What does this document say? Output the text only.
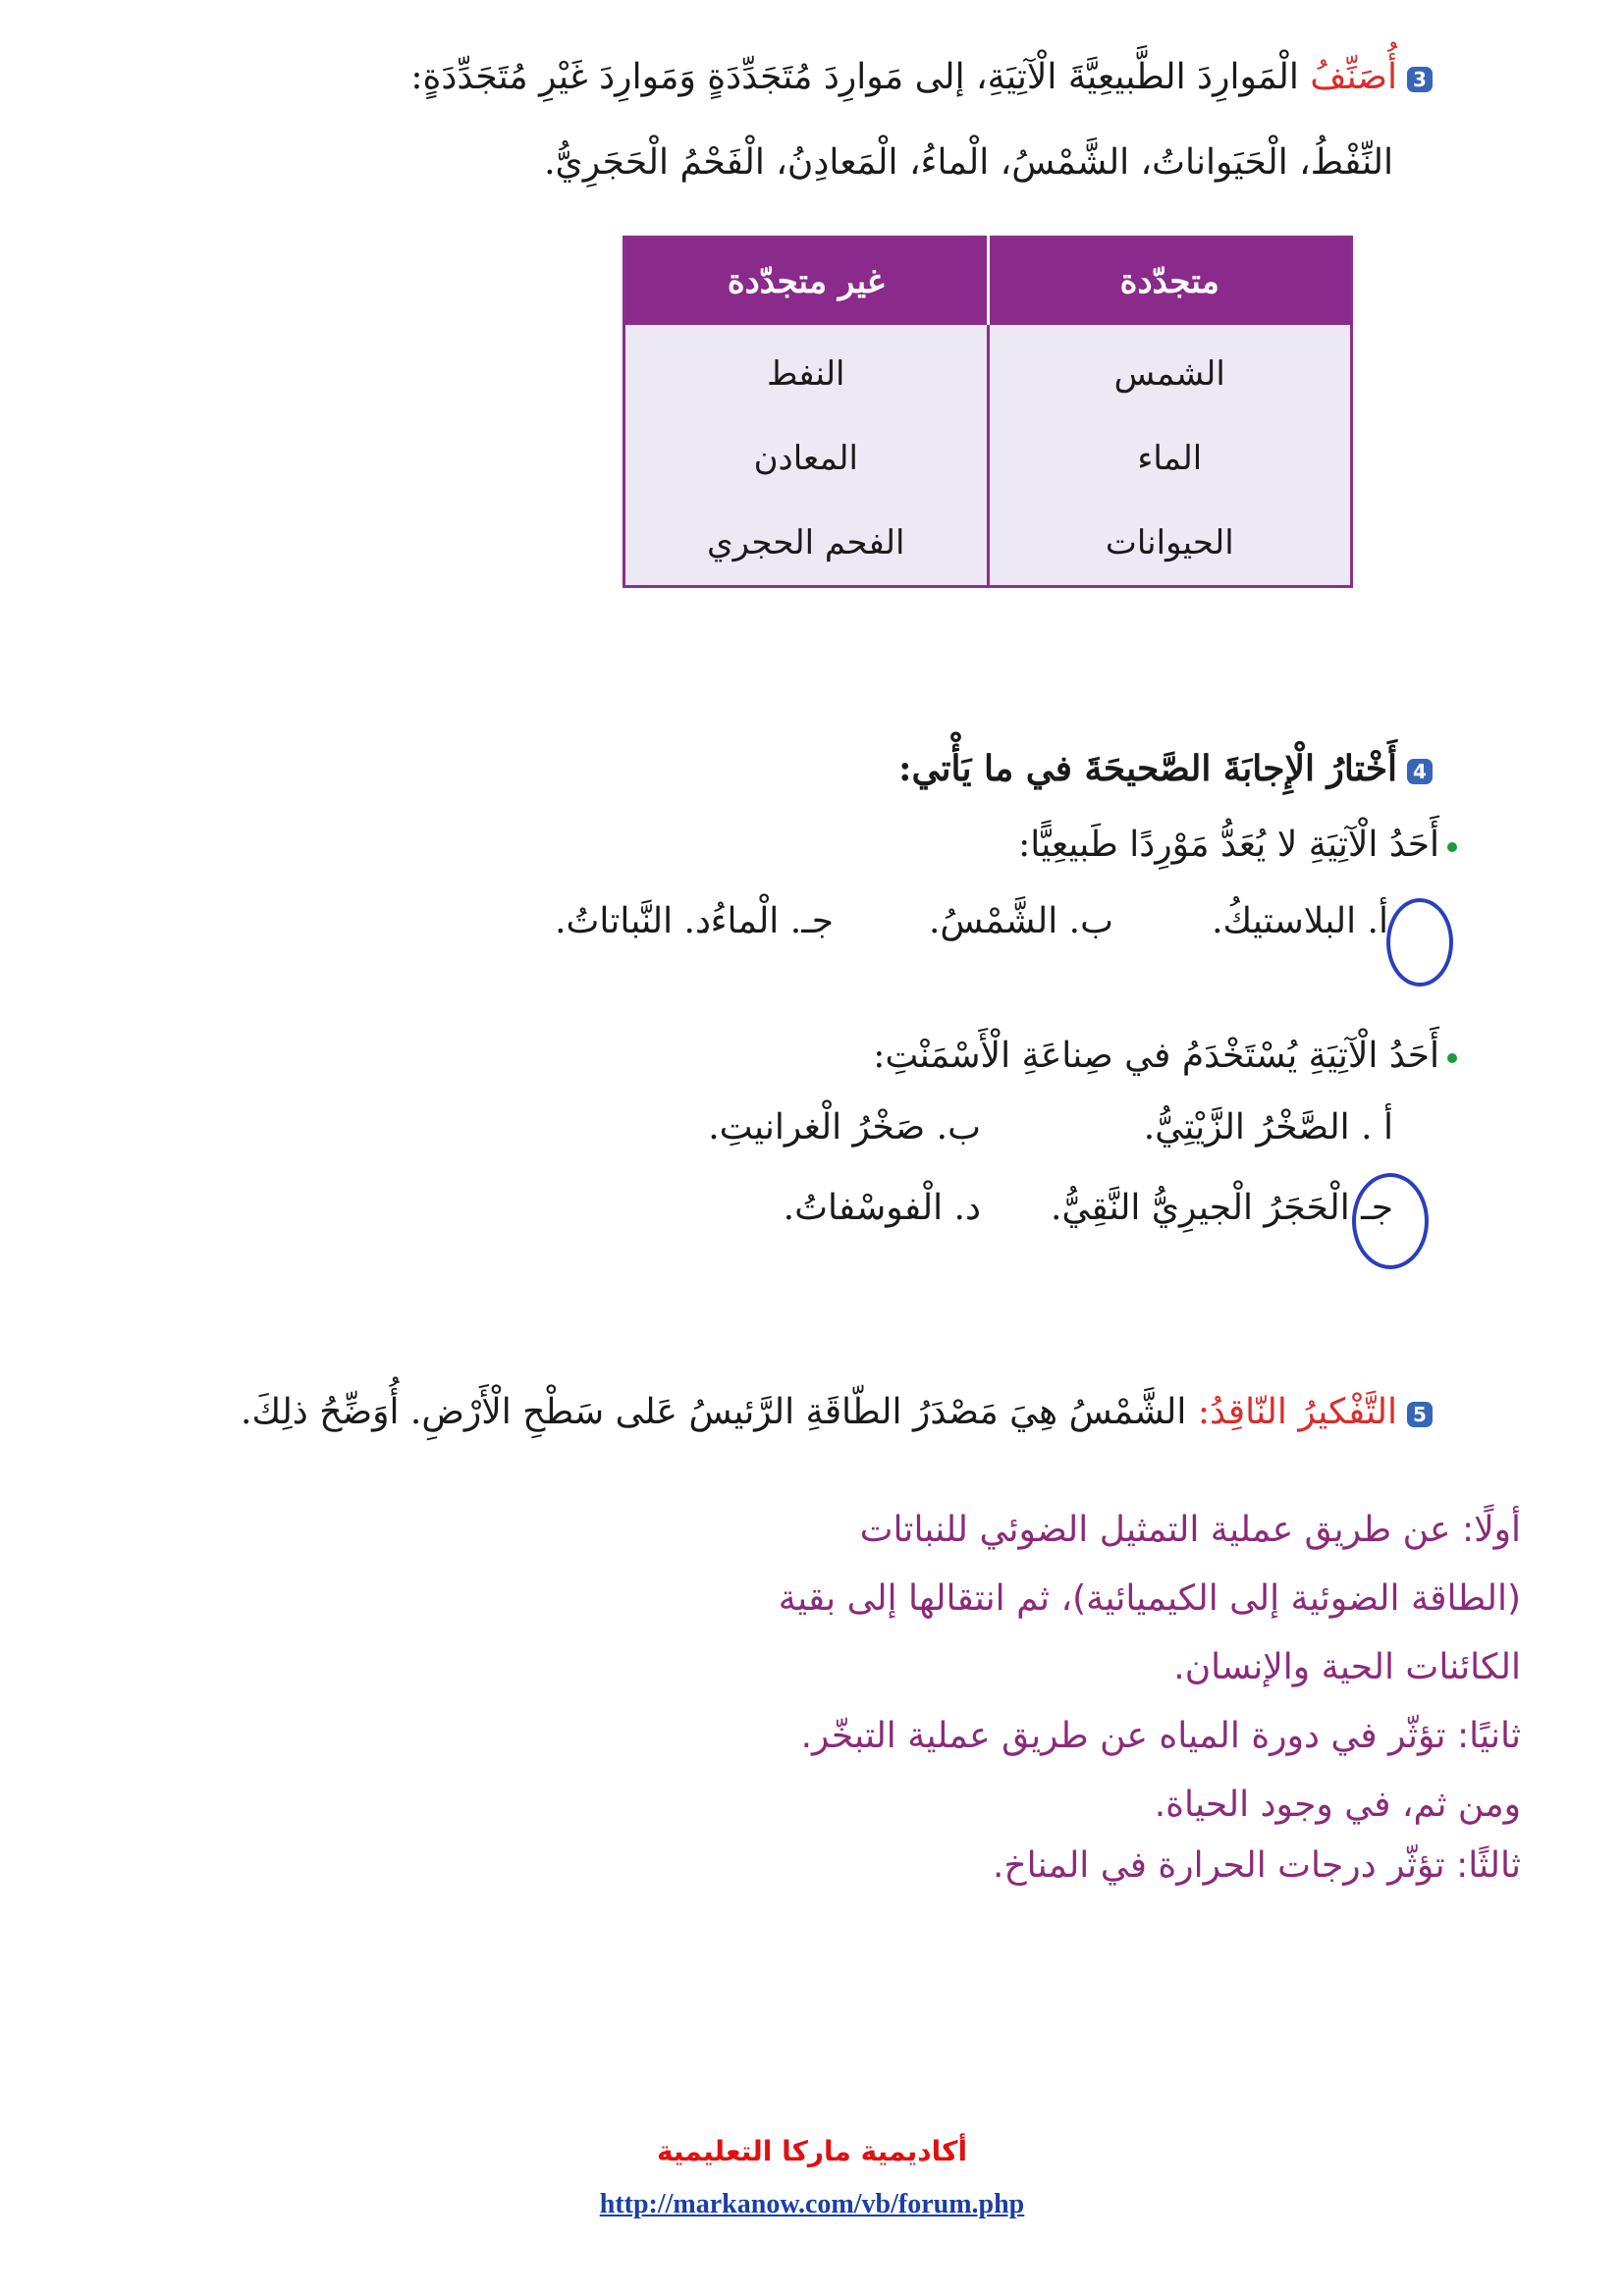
3أُصَنِّفُ الْمَوارِدَ الطَّبيعِيَّةَ الْآتِيَةِ، إلى مَوارِدَ مُتَجَدِّدَةٍ وَمَوارِدَ غَيْرِ مُتَجَدِّدَةٍ:
النِّفْطُ، الْحَيَواناتُ، الشَّمْسُ، الْماءُ، الْمَعادِنُ، الْفَحْمُ الْحَجَرِيُّ.
متجدّدة	غير متجدّدة
الشمس	النفط
الماء	المعادن
الحيوانات	الفحم الحجري
4أَخْتارُ الْإِجابَةَ الصَّحيحَةَ في ما يَأْتي:
أَحَدُ الْآتِيَةِ لا يُعَدُّ مَوْرِدًا طَبيعِيًّا:
أ. البلاستيكُ.
ب. الشَّمْسُ.
جـ. الْماءُ.
د. النَّباتاتُ.
أَحَدُ الْآتِيَةِ يُسْتَخْدَمُ في صِناعَةِ الْأَسْمَنْتِ:
أ . الصَّخْرُ الزَّيْتِيُّ.
ب. صَخْرُ الْغرانيتِ.
جـ الْحَجَرُ الْجيرِيُّ النَّقِيُّ.
د. الْفوسْفاتُ.
5التَّفْكيرُ النّاقِدُ: الشَّمْسُ هِيَ مَصْدَرُ الطّاقَةِ الرَّئيسُ عَلى سَطْحِ الْأَرْضِ. أُوَضِّحُ ذلِكَ.
أولًا: عن طريق عملية التمثيل الضوئي للنباتات
(الطاقة الضوئية إلى الكيميائية)، ثم انتقالها إلى بقية
الكائنات الحية والإنسان.
ثانيًا: تؤثّر في دورة المياه عن طريق عملية التبخّر.
ومن ثم، في وجود الحياة.
ثالثًا: تؤثّر درجات الحرارة في المناخ.
أكاديمية ماركا التعليمية
http://markanow.com/vb/forum.php
